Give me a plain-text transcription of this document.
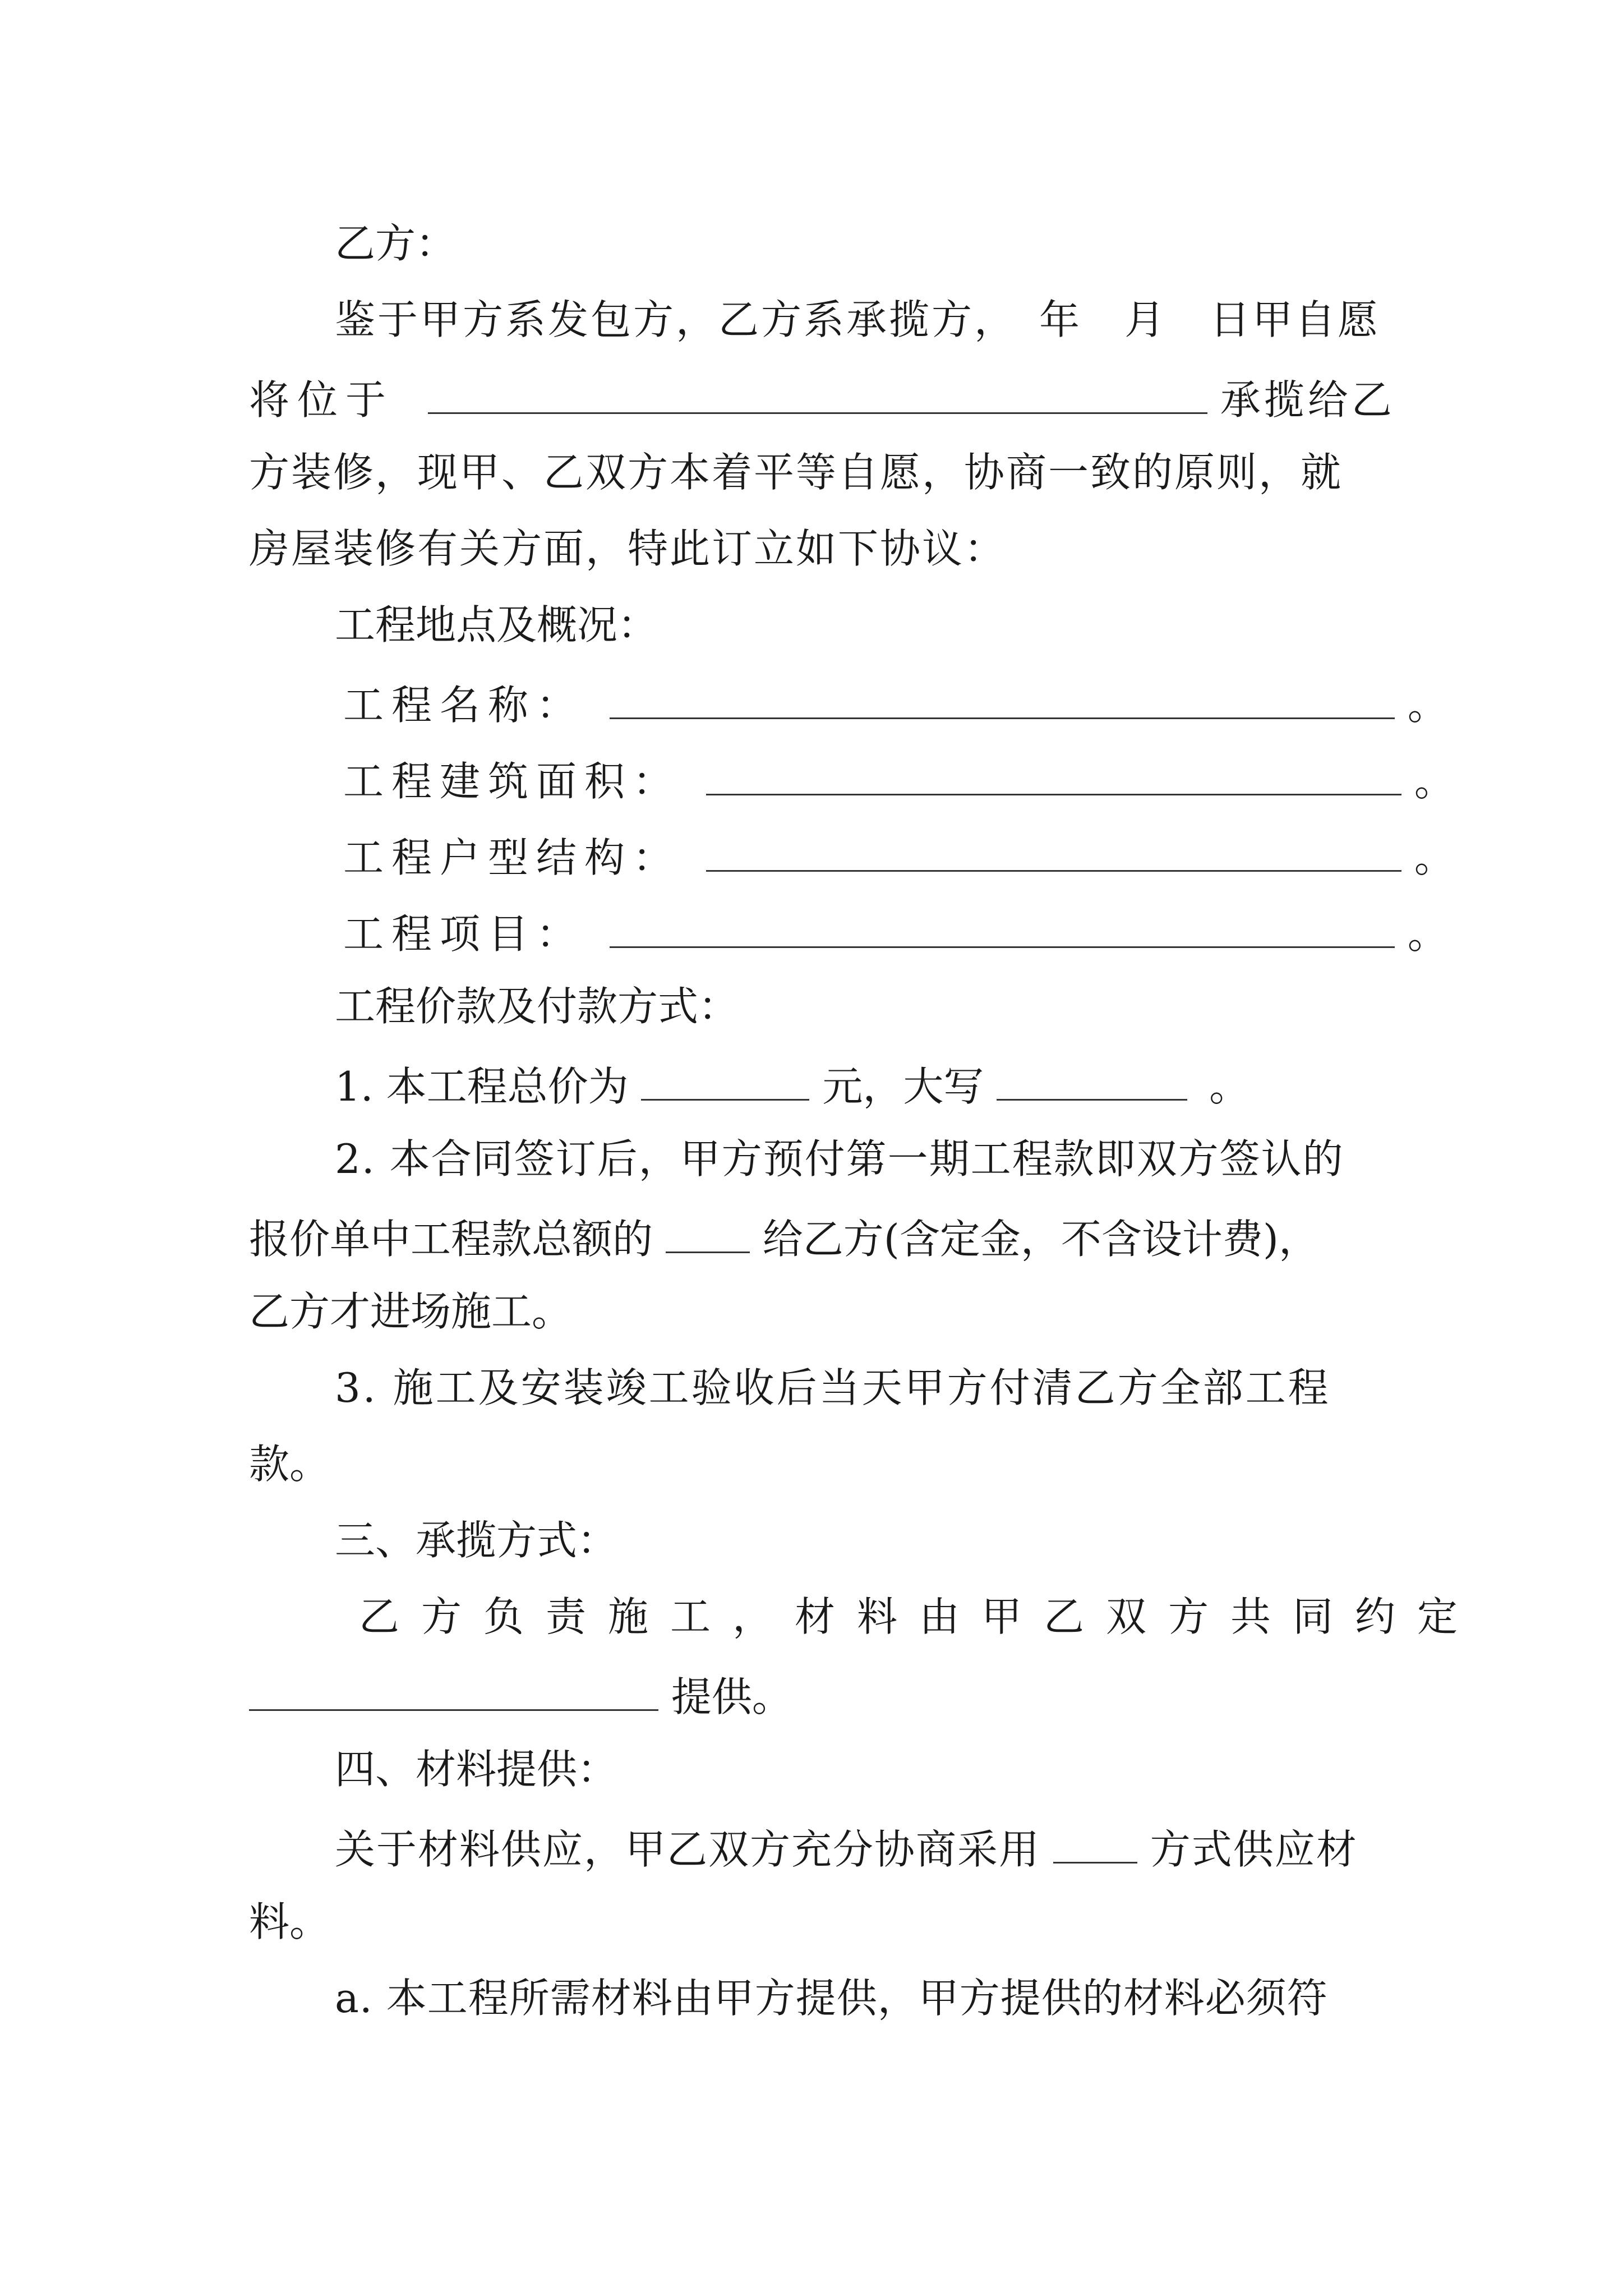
乙方：
鉴于甲方系发包方，乙方系承揽方，　年　月　日甲自愿
将位于	承揽给乙
方装修，现甲、乙双方本着平等自愿，协商一致的原则，就
房屋装修有关方面，特此订立如下协议：
工程地点及概况：
工程名称：	。
工程建筑面积：	。
工程户型结构：	。
工程项目：	。
工程价款及付款方式：
1. 本工程总价为	元，大写	。
2. 本合同签订后，甲方预付第一期工程款即双方签认的
报价单中工程款总额的	给乙方(含定金，不含设计费)，
乙方才进场施工。
3. 施工及安装竣工验收后当天甲方付清乙方全部工程
款。
三、承揽方式：
乙方负责施工，材料由甲乙双方共同约定
提供。
四、材料提供：
关于材料供应，甲乙双方充分协商采用	方式供应材
料。
a. 本工程所需材料由甲方提供，甲方提供的材料必须符
